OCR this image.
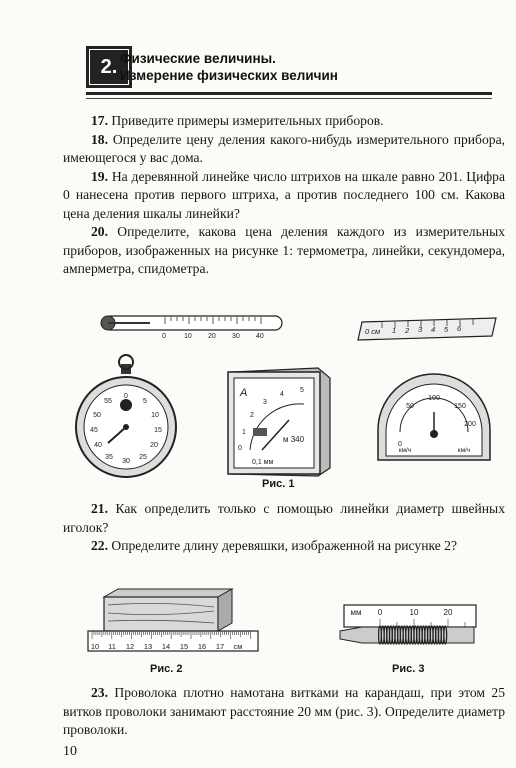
2. Физические величины.
Измерение физических величин

17. Приведите примеры измерительных приборов.

18. Определите цену деления какого-нибудь измерительного прибора, имеющегося у вас дома.

19. На деревянной линейке число штрихов на шкале равно 201. Цифра 0 нанесена против первого штриха, а против последнего 100 см. Какова цена деления шкалы линейки?

20. Определите, какова цена деления каждого из измерительных приборов, изображенных на рисунке 1: термометра, линейки, секундомера, амперметра, спидометра.

0	10 20 30 40
0 см 1 2 3 4 5 6
0
5
10
15
20
25
30
35
40
45
50
55
A
0
1
2
3
4
5
м 340
0,1 мм
0
50
100
150
200
км/ч	км/ч
Рис. 1

21. Как определить только с помощью линейки диаметр швейных иголок?

22. Определите длину деревяшки, изображенной на рисунке 2?

10 11 12 13 14 15 16 17 см
мм 0	10	20
Рис. 2	Рис. 3

23. Проволока плотно намотана витками на карандаш, при этом 25 витков проволоки занимают расстояние 20 мм (рис. 3). Определите диаметр проволоки.

10
